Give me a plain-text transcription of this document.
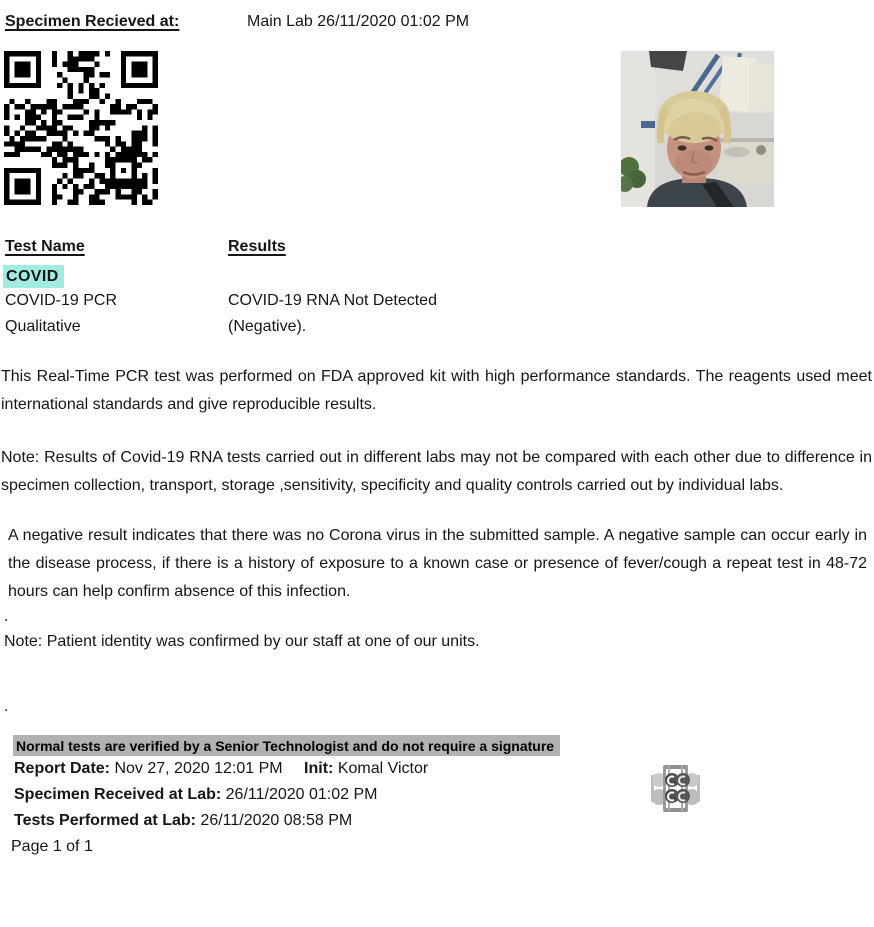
Specimen Recieved at:	Main Lab 26/11/2020 01:02 PM
Test Name	Results
COVID
COVID-19 PCR	COVID-19 RNA Not Detected
Qualitative	(Negative).

This Real-Time PCR test was performed on FDA approved kit with high performance standards. The reagents used meet international standards and give reproducible results.

Note: Results of Covid-19 RNA tests carried out in different labs may not be compared with each other due to difference in specimen collection, transport, storage ,sensitivity, specificity and quality controls carried out by individual labs.

A negative result indicates that there was no Corona virus in the submitted sample. A negative sample can occur early in the disease process, if there is a history of exposure to a known case or presence of fever/cough a repeat test in 48-72 hours can help confirm absence of this infection.

.

Note: Patient identity was confirmed by our staff at one of our units.

.

Normal tests are verified by a Senior Technologist and do not require a signature
Report Date: Nov 27, 2020 12:01 PM Init: Komal Victor
Specimen Received at Lab: 26/11/2020 01:02 PM
Tests Performed at Lab: 26/11/2020 08:58 PM
Page 1 of 1
